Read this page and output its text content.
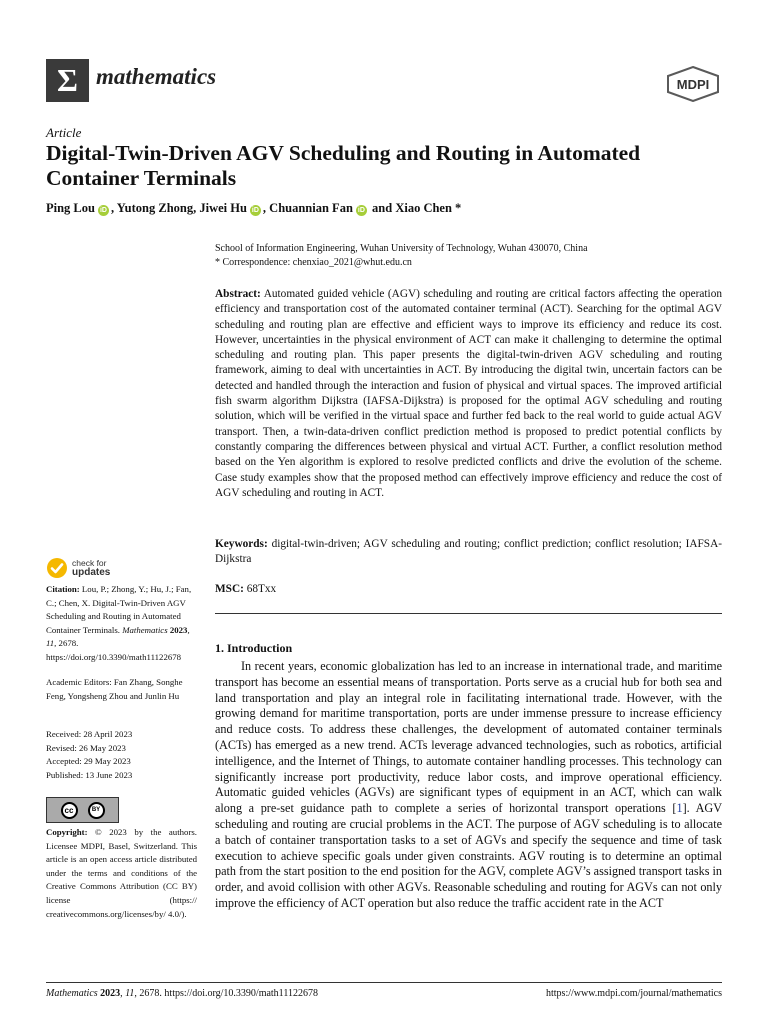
Σ mathematics	MDPI
Article
Digital-Twin-Driven AGV Scheduling and Routing in Automated Container Terminals
Ping Lou iD , Yutong Zhong, Jiwei Hu iD , Chuannian Fan iD and Xiao Chen *
School of Information Engineering, Wuhan University of Technology, Wuhan 430070, China
* Correspondence: chenxiao_2021@whut.edu.cn
Abstract: Automated guided vehicle (AGV) scheduling and routing are critical factors affecting the operation efficiency and transportation cost of the automated container terminal (ACT). Searching for the optimal AGV scheduling and routing plan are effective and efficient ways to improve its efficiency and reduce its cost. However, uncertainties in the physical environment of ACT can make it challenging to determine the optimal scheduling and routing plan. This paper presents the digital-twin-driven AGV scheduling and routing framework, aiming to deal with uncertainties in ACT. By introducing the digital twin, uncertain factors can be detected and handled through the interaction and fusion of physical and virtual spaces. The improved artificial fish swarm algorithm Dijkstra (IAFSA-Dijkstra) is proposed for the optimal AGV scheduling and routing solution, which will be verified in the virtual space and further fed back to the real world to guide actual AGV transport. Then, a twin-data-driven conflict prediction method is proposed to predict potential conflicts by constantly comparing the differences between physical and virtual ACT. Further, a conflict resolution method based on the Yen algorithm is explored to resolve predicted conflicts and drive the evolution of the scheme. Case study examples show that the proposed method can effectively improve efficiency and reduce the cost of AGV scheduling and routing in ACT.
Keywords: digital-twin-driven; AGV scheduling and routing; conflict prediction; conflict resolution; IAFSA-Dijkstra
MSC: 68Txx
1. Introduction
In recent years, economic globalization has led to an increase in international trade, and maritime transport has become an essential means of transportation. Ports serve as a crucial hub for both sea and land transportation and play an integral role in facilitating international trade. However, with the growing demand for maritime transportation, ports are under immense pressure to increase efficiency and reduce costs. To address these challenges, the development of automated container terminals (ACTs) has emerged as a new trend. ACTs leverage advanced technologies, such as robotics, artificial intelligence, and the Internet of Things, to automate container handling processes. This technology can significantly increase port productivity, reduce labor costs, and improve operational efficiency. Automatic guided vehicles (AGVs) are significant types of equipment in an ACT, which can walk along a pre-set guidance path to complete a series of horizontal transport operations [1]. AGV scheduling and routing are crucial problems in the ACT. The purpose of AGV scheduling is to allocate a batch of container transportation tasks to a set of AGVs and specify the sequence and time of task execution to achieve specific goals under given constraints. AGV routing is to determine an optimal path from the start position to the end position for the AGV, complete AGV’s assigned transport tasks in order, and avoid collision with other AGVs. Reasonable scheduling and routing for AGVs can not only improve the efficiency of ACT operation but also reduce the traffic accident rate in the ACT
check for
updates
Citation: Lou, P.; Zhong, Y.; Hu, J.; Fan, C.; Chen, X. Digital-Twin-Driven AGV Scheduling and Routing in Automated Container Terminals. Mathematics 2023, 11, 2678. https://doi.org/10.3390/math11122678
Academic Editors: Fan Zhang, Songhe Feng, Yongsheng Zhou and Junlin Hu
Received: 28 April 2023
Revised: 26 May 2023
Accepted: 29 May 2023
Published: 13 June 2023
cc	BY
Copyright: © 2023 by the authors. Licensee MDPI, Basel, Switzerland. This article is an open access article distributed under the terms and conditions of the Creative Commons Attribution (CC BY) license (https:// creativecommons.org/licenses/by/ 4.0/).
Mathematics 2023, 11, 2678. https://doi.org/10.3390/math11122678	https://www.mdpi.com/journal/mathematics
